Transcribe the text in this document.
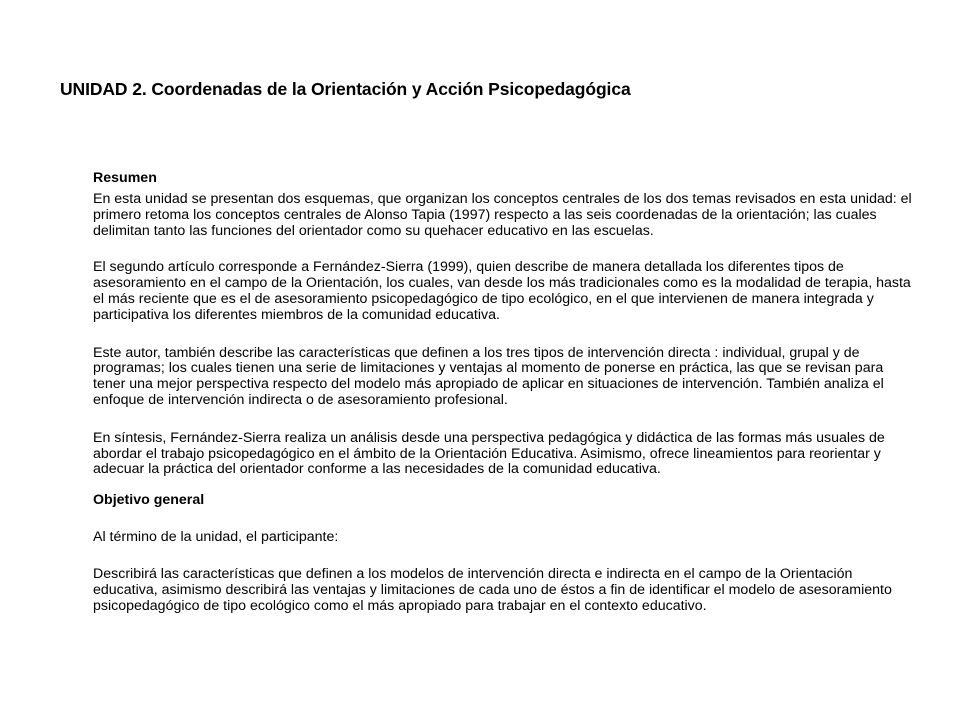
UNIDAD 2. Coordenadas de la Orientación y Acción Psicopedagógica

Resumen

En esta unidad se presentan dos esquemas, que organizan los conceptos centrales de los dos temas revisados en esta unidad: el primero retoma los conceptos centrales de Alonso Tapia (1997) respecto a las seis coordenadas de la orientación; las cuales delimitan tanto las funciones del orientador como su quehacer educativo en las escuelas.

El segundo artículo corresponde a Fernández-Sierra (1999), quien describe de manera detallada los diferentes tipos de asesoramiento en el campo de la Orientación, los cuales, van desde los más tradicionales como es la modalidad de terapia, hasta el más reciente que es el de asesoramiento psicopedagógico de tipo ecológico, en el que intervienen de manera integrada y participativa los diferentes miembros de la comunidad educativa.

Este autor, también describe las características que definen a los tres tipos de intervención directa : individual, grupal y de programas; los cuales tienen una serie de limitaciones y ventajas al momento de ponerse en práctica, las que se revisan para tener una mejor perspectiva respecto del modelo más apropiado de aplicar en situaciones de intervención. También analiza el enfoque de intervención indirecta o de asesoramiento profesional.

En síntesis, Fernández-Sierra realiza un análisis desde una perspectiva pedagógica y didáctica de las formas más usuales de abordar el trabajo psicopedagógico en el ámbito de la Orientación Educativa. Asimismo, ofrece lineamientos para reorientar y adecuar la práctica del orientador conforme a las necesidades de la comunidad educativa.

Objetivo general

Al término de la unidad, el participante:

Describirá las características que definen a los modelos de intervención directa e indirecta en el campo de la Orientación educativa, asimismo describirá las ventajas y limitaciones de cada uno de éstos a fin de identificar el modelo de asesoramiento psicopedagógico de tipo ecológico como el más apropiado para trabajar en el contexto educativo.
